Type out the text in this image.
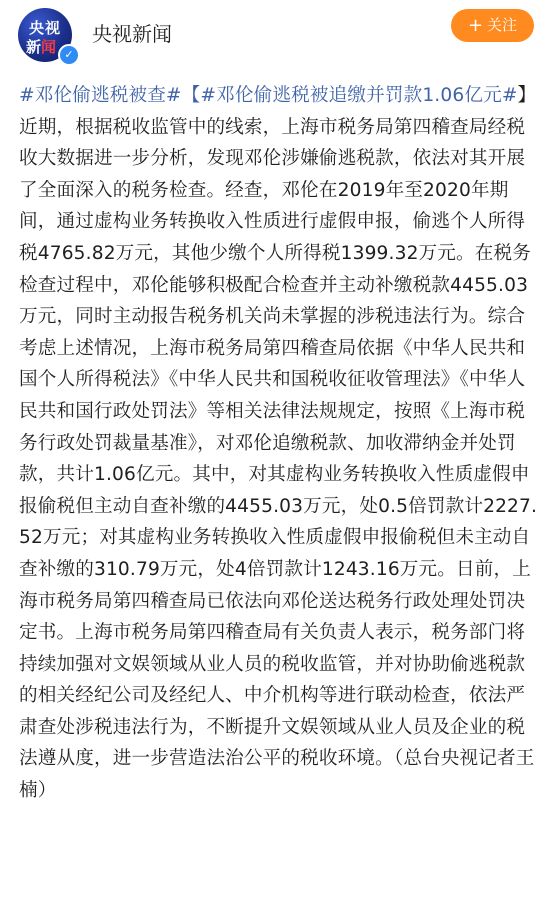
央视
新闻 ✓
央视新闻	+ 关注
#邓伦偷逃税被查#【#邓伦偷逃税被追缴并罚款1.06亿元#】近期，根据税收监管中的线索，上海市税务局第四稽查局经税收大数据进一步分析，发现邓伦涉嫌偷逃税款，依法对其开展了全面深入的税务检查。经查，邓伦在2019年至2020年期间，通过虚构业务转换收入性质进行虚假申报，偷逃个人所得税4765.82万元，其他少缴个人所得税1399.32万元。在税务检查过程中，邓伦能够积极配合检查并主动补缴税款4455.03万元，同时主动报告税务机关尚未掌握的涉税违法行为。综合考虑上述情况，上海市税务局第四稽查局依据《中华人民共和国个人所得税法》《中华人民共和国税收征收管理法》《中华人民共和国行政处罚法》等相关法律法规规定，按照《上海市税务行政处罚裁量基准》，对邓伦追缴税款、加收滞纳金并处罚款，共计1.06亿元。其中，对其虚构业务转换收入性质虚假申报偷税但主动自查补缴的4455.03万元，处0.5倍罚款计2227.52万元；对其虚构业务转换收入性质虚假申报偷税但未主动自查补缴的310.79万元，处4倍罚款计1243.16万元。日前，上海市税务局第四稽查局已依法向邓伦送达税务行政处理处罚决定书。上海市税务局第四稽查局有关负责人表示，税务部门将持续加强对文娱领域从业人员的税收监管，并对协助偷逃税款的相关经纪公司及经纪人、中介机构等进行联动检查，依法严肃查处涉税违法行为，不断提升文娱领域从业人员及企业的税法遵从度，进一步营造法治公平的税收环境。（总台央视记者王楠）
